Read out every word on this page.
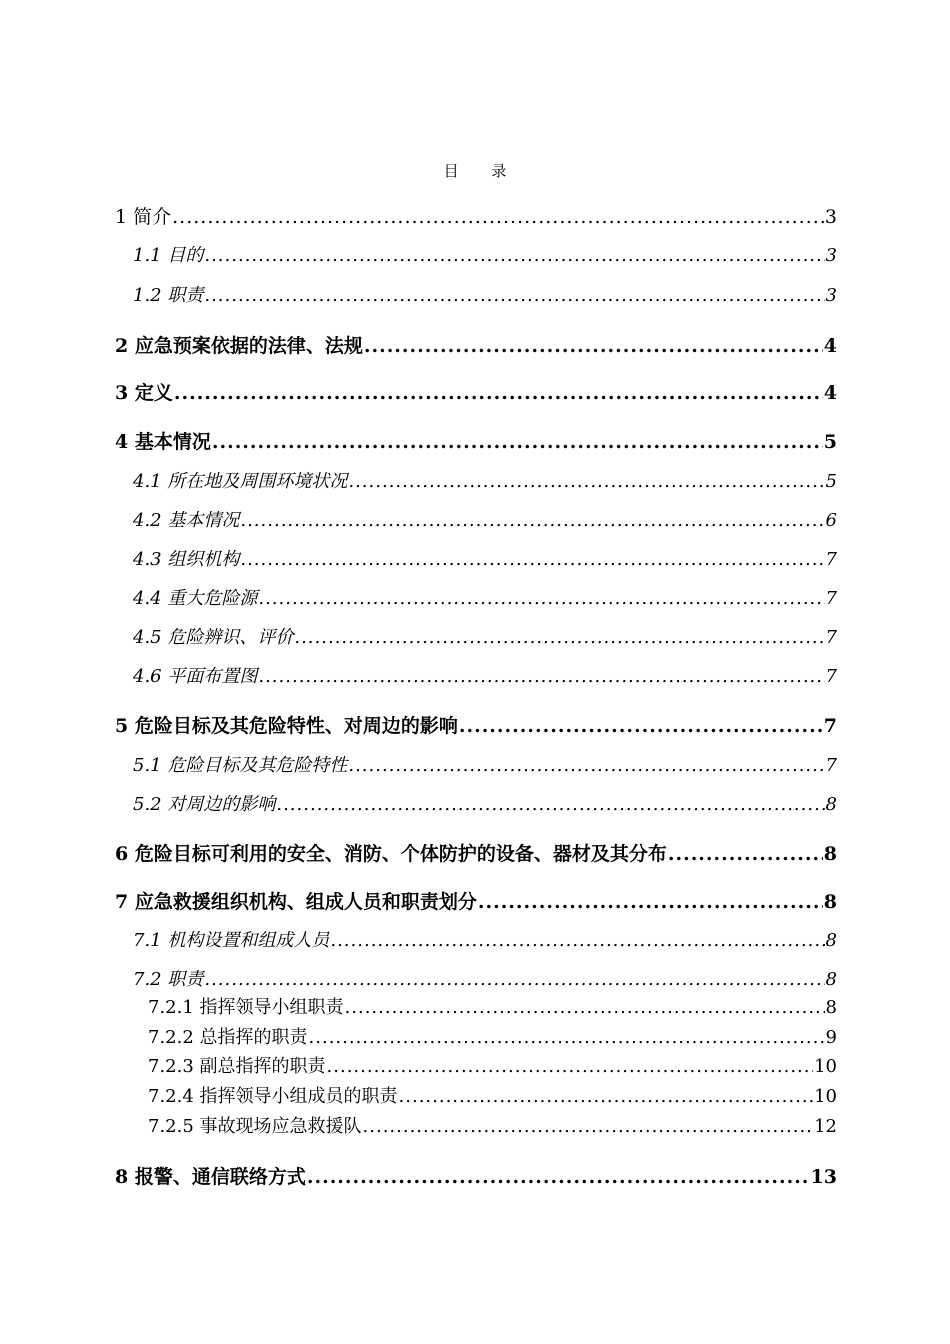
目 录
1 简介 .....	3
1.1 目的 .....	3
1.2 职责 .....	3
2 应急预案依据的法律、法规 .....	4
3 定义 .....	4
4 基本情况 .....	5
4.1 所在地及周围环境状况 .....	5
4.2 基本情况 .....	6
4.3 组织机构 .....	7
4.4 重大危险源 .....	7
4.5 危险辨识、评价 .....	7
4.6 平面布置图 .....	7
5 危险目标及其危险特性、对周边的影响 .....	7
5.1 危险目标及其危险特性 .....	7
5.2 对周边的影响 .....	8
6 危险目标可利用的安全、消防、个体防护的设备、器材及其分布 .....	8
7 应急救援组织机构、组成人员和职责划分 .....	8
7.1 机构设置和组成人员 .....	8
7.2 职责 .....	8
7.2.1 指挥领导小组职责 .....	8
7.2.2 总指挥的职责 .....	9
7.2.3 副总指挥的职责 .....	10
7.2.4 指挥领导小组成员的职责 .....	10
7.2.5 事故现场应急救援队 .....	12
8 报警、通信联络方式 .....	13
